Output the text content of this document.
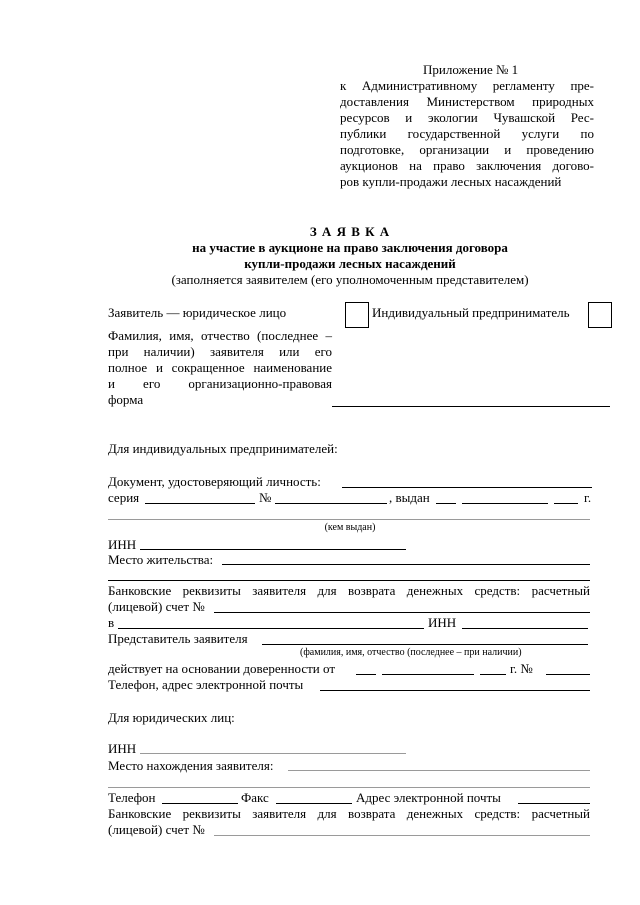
Приложение № 1
к Административному регламенту пре-
доставления Министерством природных
ресурсов и экологии Чувашской Рес-
публики государственной услуги по
подготовке, организации и проведению
аукционов на право заключения догово-
ров купли-продажи лесных насаждений
З А Я В К А
на участие в аукционе на право заключения договора
купли-продажи лесных насаждений
(заполняется заявителем (его уполномоченным представителем)
Заявитель — юридическое лицо	Индивидуальный предприниматель
Фамилия, имя, отчество (последнее –
при наличии) заявителя или его
полное и сокращенное наименование
и его организационно-правовая
форма
Для индивидуальных предпринимателей:
Документ, удостоверяющий личность:
серия	№	, выдан	г.
(кем выдан)
ИНН
Место жительства:
Банковские реквизиты заявителя для возврата денежных средств: расчетный
(лицевой) счет №
в	ИНН
Представитель заявителя
(фамилия, имя, отчество (последнее – при наличии)
действует на основании доверенности от	г. №
Телефон, адрес электронной почты
Для юридических лиц:
ИНН
Место нахождения заявителя:
Телефон	Факс	Адрес электронной почты
Банковские реквизиты заявителя для возврата денежных средств: расчетный
(лицевой) счет №
